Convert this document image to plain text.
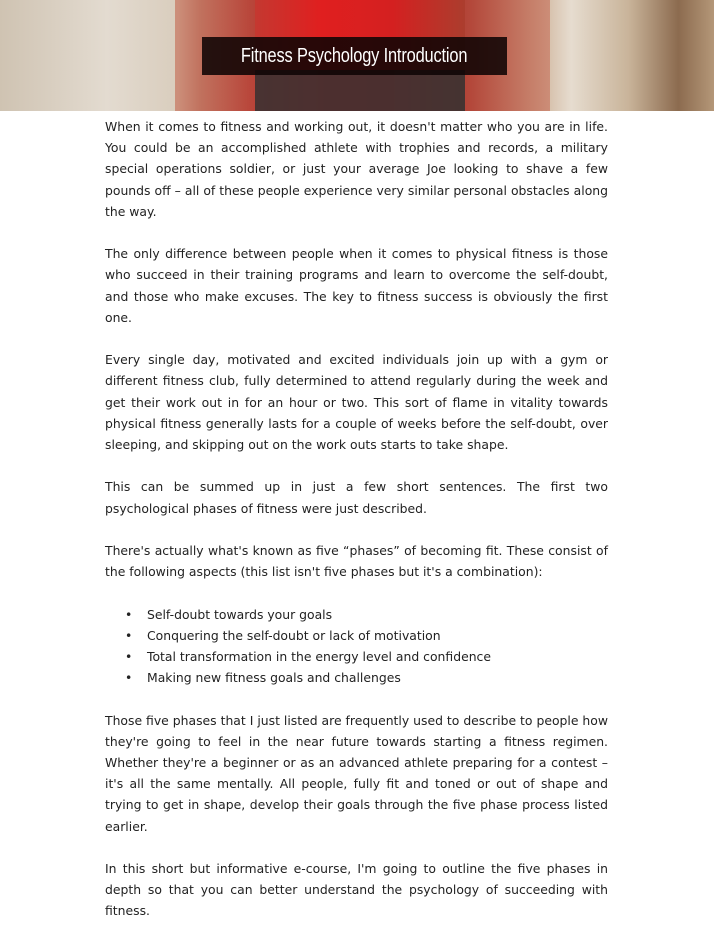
Fitness Psychology Introduction

When it comes to fitness and working out, it doesn't matter who you are in life. You could be an accomplished athlete with trophies and records, a military special operations soldier, or just your average Joe looking to shave a few pounds off – all of these people experience very similar personal obstacles along the way.

The only difference between people when it comes to physical fitness is those who succeed in their training programs and learn to overcome the self-doubt, and those who make excuses. The key to fitness success is obviously the first one.

Every single day, motivated and excited individuals join up with a gym or different fitness club, fully determined to attend regularly during the week and get their work out in for an hour or two. This sort of flame in vitality towards physical fitness generally lasts for a couple of weeks before the self-doubt, over sleeping, and skipping out on the work outs starts to take shape.

This can be summed up in just a few short sentences. The first two psychological phases of fitness were just described.

There's actually what's known as five “phases” of becoming fit. These consist of the following aspects (this list isn't five phases but it's a combination):

• Self-doubt towards your goals
• Conquering the self-doubt or lack of motivation
• Total transformation in the energy level and confidence
• Making new fitness goals and challenges

Those five phases that I just listed are frequently used to describe to people how they're going to feel in the near future towards starting a fitness regimen. Whether they're a beginner or as an advanced athlete preparing for a contest – it's all the same mentally. All people, fully fit and toned or out of shape and trying to get in shape, develop their goals through the five phase process listed earlier.

In this short but informative e-course, I'm going to outline the five phases in depth so that you can better understand the psychology of succeeding with fitness.
